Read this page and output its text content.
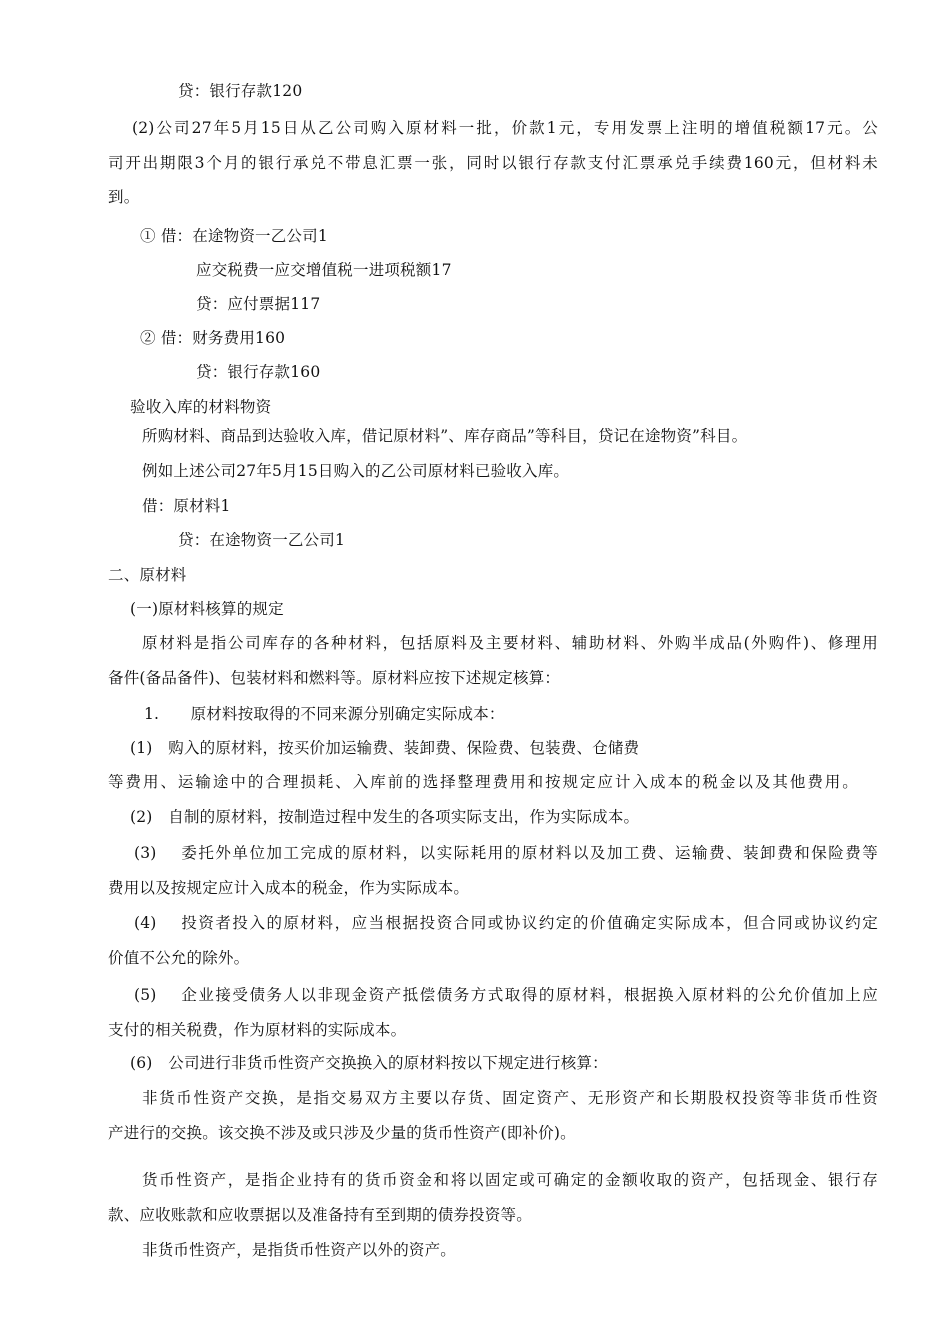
贷：银行存款120
(2)公司27年5月15日从乙公司购入原材料一批，价款1元，专用发票上注明的增值税额17元。公
司开出期限3个月的银行承兑不带息汇票一张，同时以银行存款支付汇票承兑手续费160元，但材料未
到。
① 借：在途物资一乙公司1
应交税费一应交增值税一进项税额17
贷：应付票据117
② 借：财务费用160
贷：银行存款160
验收入库的材料物资
所购材料、商品到达验收入库，借记原材料”、库存商品”等科目，贷记在途物资”科目。
例如上述公司27年5月15日购入的乙公司原材料已验收入库。
借：原材料1
贷：在途物资一乙公司1
二、原材料
(一)原材料核算的规定
原材料是指公司库存的各种材料，包括原料及主要材料、辅助材料、外购半成品(外购件)、修理用
备件(备品备件)、包装材料和燃料等。原材料应按下述规定核算：
1.　　原材料按取得的不同来源分别确定实际成本：
(1)　购入的原材料，按买价加运输费、装卸费、保险费、包装费、仓储费
等费用、运输途中的合理损耗、入库前的选择整理费用和按规定应计入成本的税金以及其他费用。
(2)　自制的原材料，按制造过程中发生的各项实际支出，作为实际成本。
(3)　 委托外单位加工完成的原材料，以实际耗用的原材料以及加工费、运输费、装卸费和保险费等
费用以及按规定应计入成本的税金，作为实际成本。
(4)　 投资者投入的原材料，应当根据投资合同或协议约定的价值确定实际成本，但合同或协议约定
价值不公允的除外。
(5)　 企业接受债务人以非现金资产抵偿债务方式取得的原材料，根据换入原材料的公允价值加上应
支付的相关税费，作为原材料的实际成本。
(6)　公司进行非货币性资产交换换入的原材料按以下规定进行核算：
非货币性资产交换，是指交易双方主要以存货、固定资产、无形资产和长期股权投资等非货币性资
产进行的交换。该交换不涉及或只涉及少量的货币性资产(即补价)。
货币性资产，是指企业持有的货币资金和将以固定或可确定的金额收取的资产，包括现金、银行存
款、应收账款和应收票据以及准备持有至到期的债券投资等。
非货币性资产，是指货币性资产以外的资产。
